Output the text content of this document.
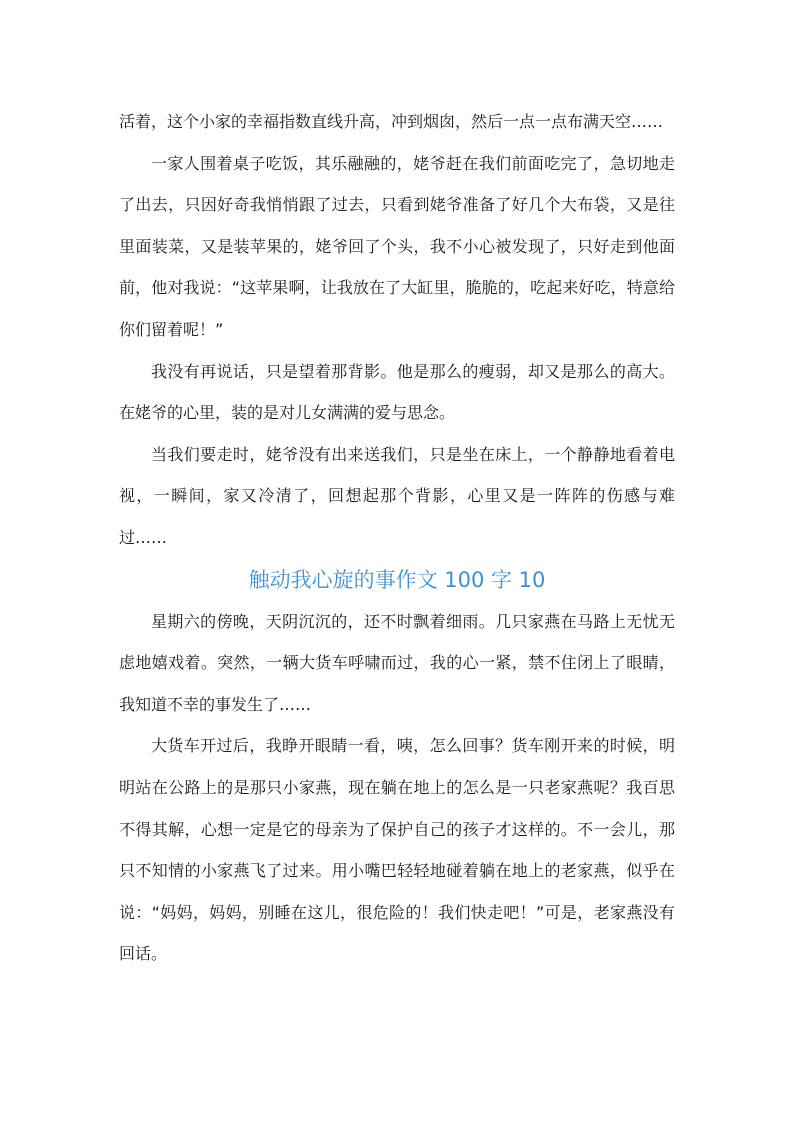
活着，这个小家的幸福指数直线升高，冲到烟囱，然后一点一点布满天空……

一家人围着桌子吃饭，其乐融融的，姥爷赶在我们前面吃完了，急切地走了出去，只因好奇我悄悄跟了过去，只看到姥爷准备了好几个大布袋，又是往里面装菜，又是装苹果的，姥爷回了个头，我不小心被发现了，只好走到他面前，他对我说：“这苹果啊，让我放在了大缸里，脆脆的，吃起来好吃，特意给你们留着呢！”

我没有再说话，只是望着那背影。他是那么的瘦弱，却又是那么的高大。在姥爷的心里，装的是对儿女满满的爱与思念。

当我们要走时，姥爷没有出来送我们，只是坐在床上，一个静静地看着电视，一瞬间，家又冷清了，回想起那个背影，心里又是一阵阵的伤感与难过……

触动我心旋的事作文 100 字 10

星期六的傍晚，天阴沉沉的，还不时飘着细雨。几只家燕在马路上无忧无虑地嬉戏着。突然，一辆大货车呼啸而过，我的心一紧，禁不住闭上了眼睛，我知道不幸的事发生了……

大货车开过后，我睁开眼睛一看，咦，怎么回事？货车刚开来的时候，明明站在公路上的是那只小家燕，现在躺在地上的怎么是一只老家燕呢？我百思不得其解，心想一定是它的母亲为了保护自己的孩子才这样的。不一会儿，那只不知情的小家燕飞了过来。用小嘴巴轻轻地碰着躺在地上的老家燕，似乎在说：“妈妈，妈妈，别睡在这儿，很危险的！我们快走吧！”可是，老家燕没有回话。
